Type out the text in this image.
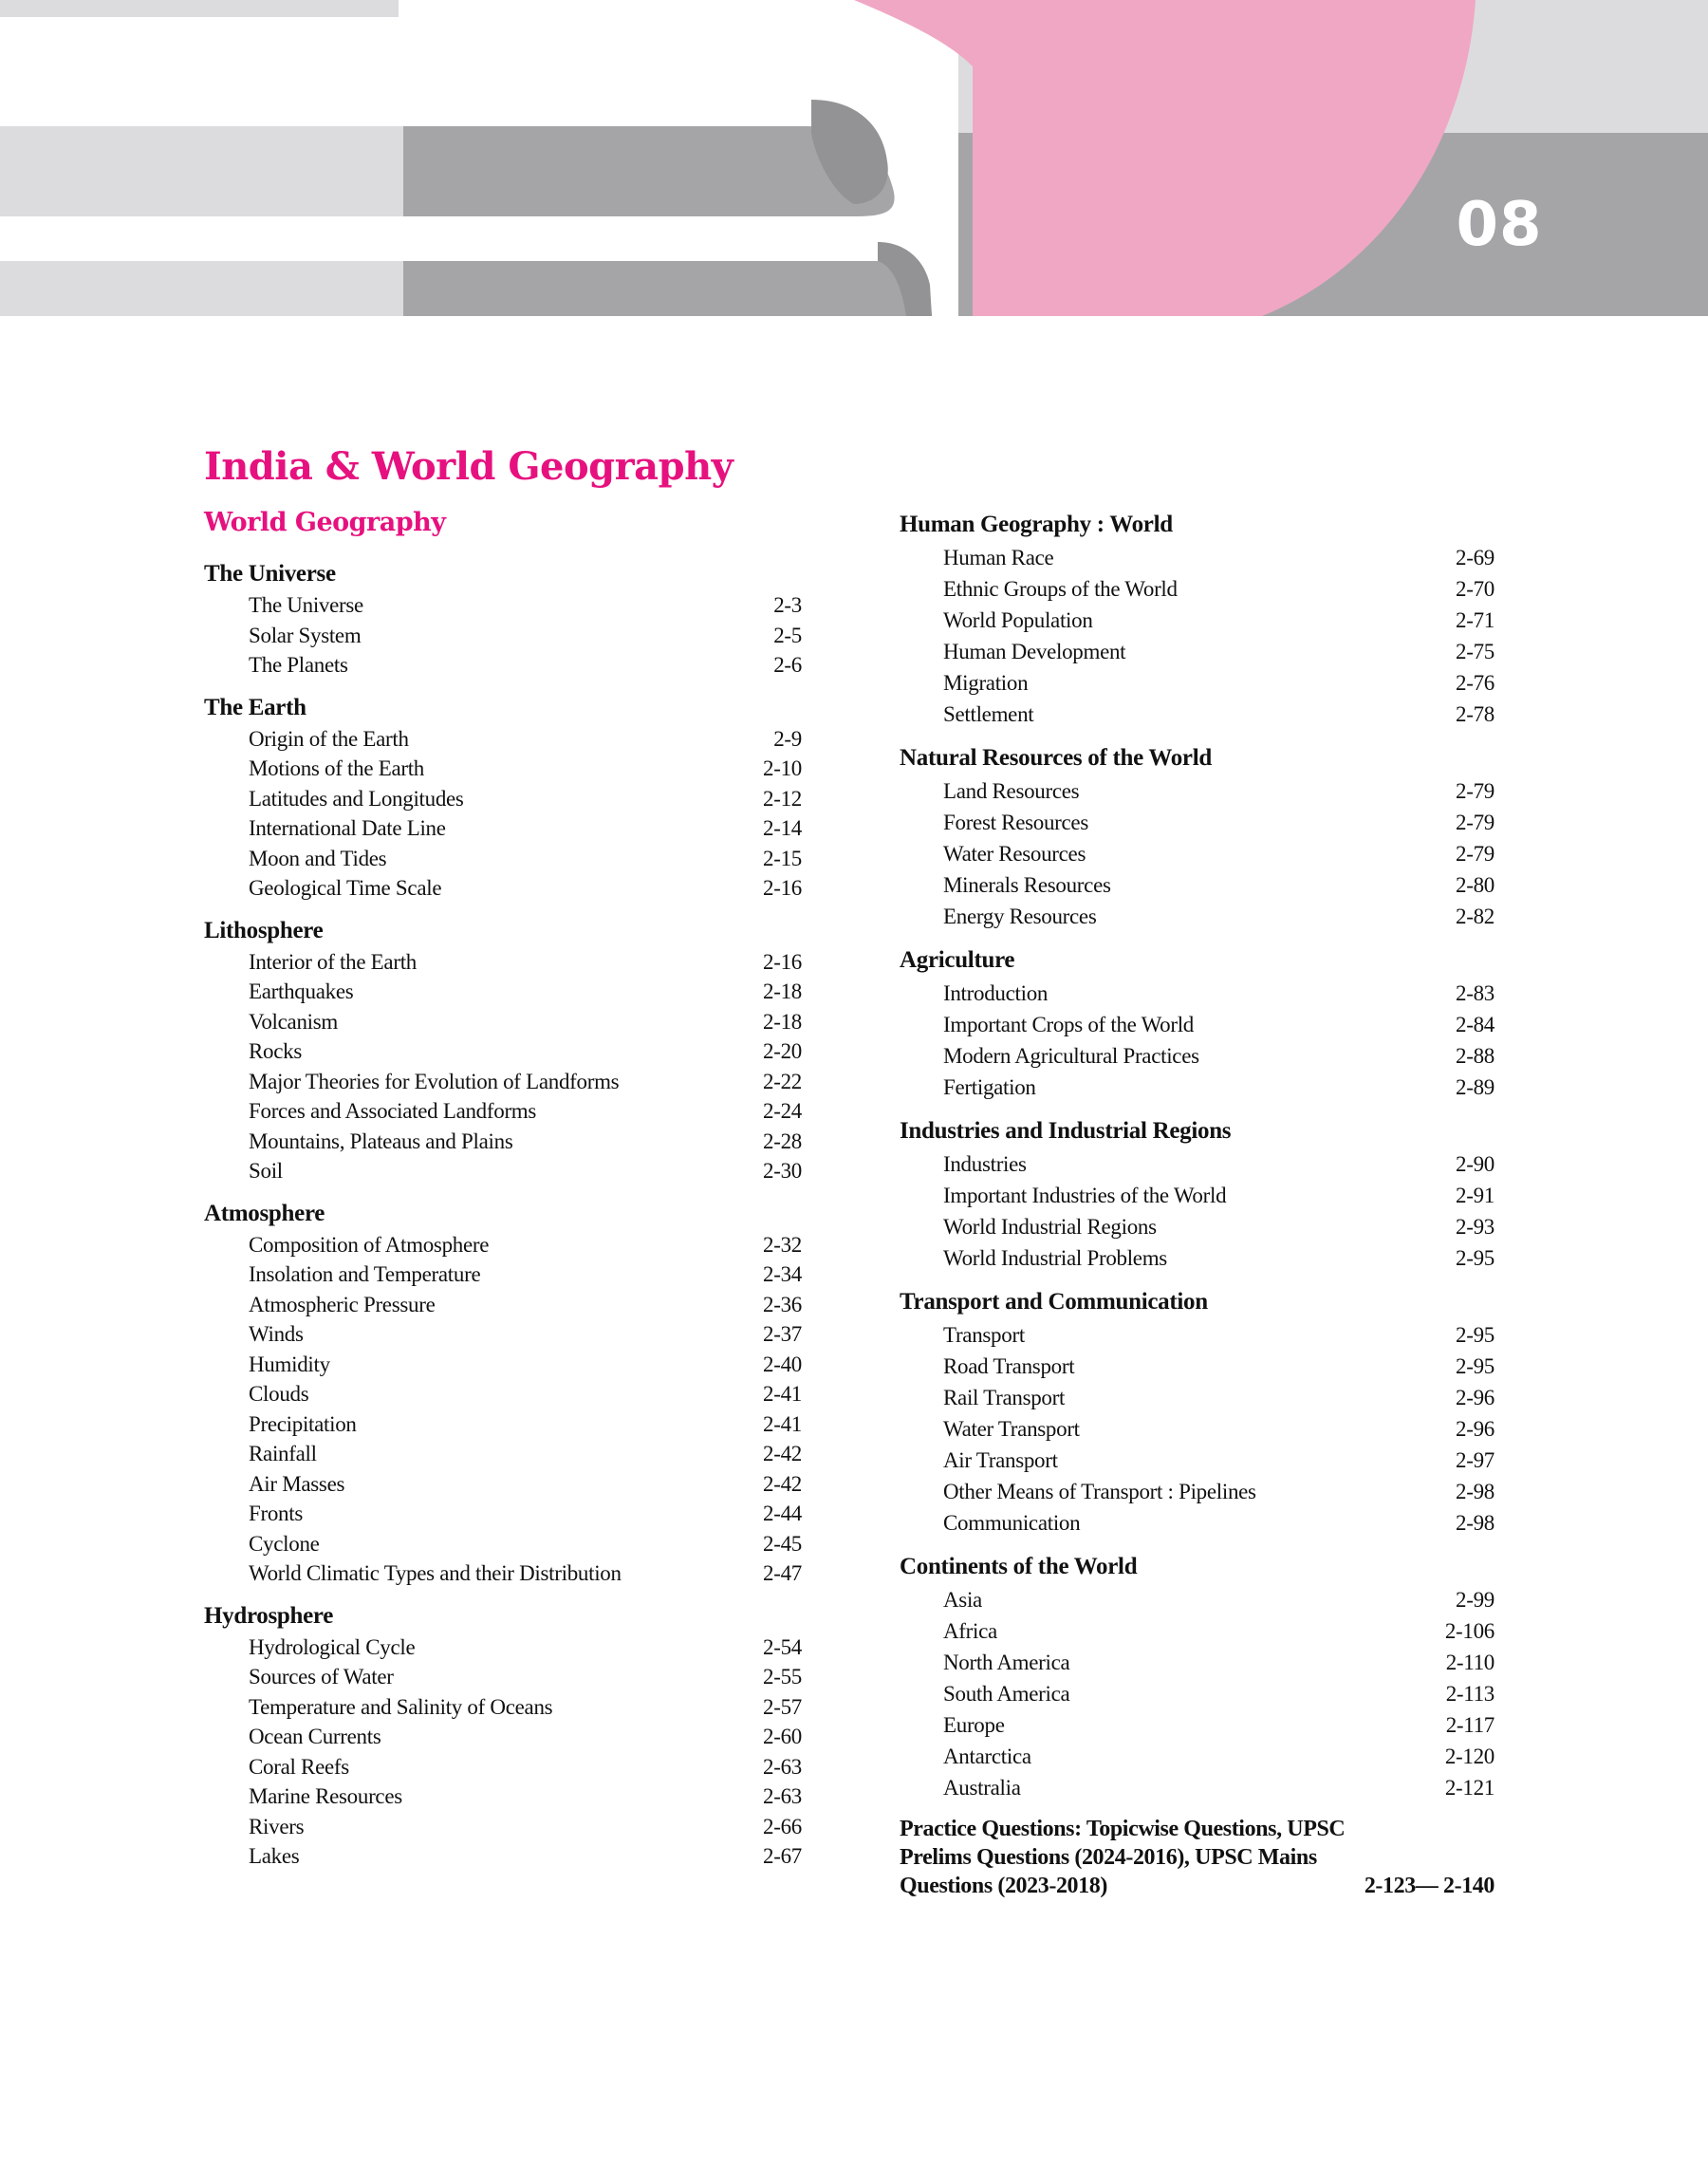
08
India & World Geography
World Geography
The Universe
The Universe	2-3
Solar System	2-5
The Planets	2-6
The Earth
Origin of the Earth	2-9
Motions of the Earth	2-10
Latitudes and Longitudes	2-12
International Date Line	2-14
Moon and Tides	2-15
Geological Time Scale	2-16
Lithosphere
Interior of the Earth	2-16
Earthquakes	2-18
Volcanism	2-18
Rocks	2-20
Major Theories for Evolution of Landforms	2-22
Forces and Associated Landforms	2-24
Mountains, Plateaus and Plains	2-28
Soil	2-30
Atmosphere
Composition of Atmosphere	2-32
Insolation and Temperature	2-34
Atmospheric Pressure	2-36
Winds	2-37
Humidity	2-40
Clouds	2-41
Precipitation	2-41
Rainfall	2-42
Air Masses	2-42
Fronts	2-44
Cyclone	2-45
World Climatic Types and their Distribution	2-47
Hydrosphere
Hydrological Cycle	2-54
Sources of Water	2-55
Temperature and Salinity of Oceans	2-57
Ocean Currents	2-60
Coral Reefs	2-63
Marine Resources	2-63
Rivers	2-66
Lakes	2-67
Human Geography : World
Human Race	2-69
Ethnic Groups of the World	2-70
World Population	2-71
Human Development	2-75
Migration	2-76
Settlement	2-78
Natural Resources of the World
Land Resources	2-79
Forest Resources	2-79
Water Resources	2-79
Minerals Resources	2-80
Energy Resources	2-82
Agriculture
Introduction	2-83
Important Crops of the World	2-84
Modern Agricultural Practices	2-88
Fertigation	2-89
Industries and Industrial Regions
Industries	2-90
Important Industries of the World	2-91
World Industrial Regions	2-93
World Industrial Problems	2-95
Transport and Communication
Transport	2-95
Road Transport	2-95
Rail Transport	2-96
Water Transport	2-96
Air Transport	2-97
Other Means of Transport : Pipelines	2-98
Communication	2-98
Continents of the World
Asia	2-99
Africa	2-106
North America	2-110
South America	2-113
Europe	2-117
Antarctica	2-120
Australia	2-121
Practice Questions: Topicwise Questions, UPSC Prelims Questions (2024-2016), UPSC Mains Questions (2023-2018)	2-123— 2-140
